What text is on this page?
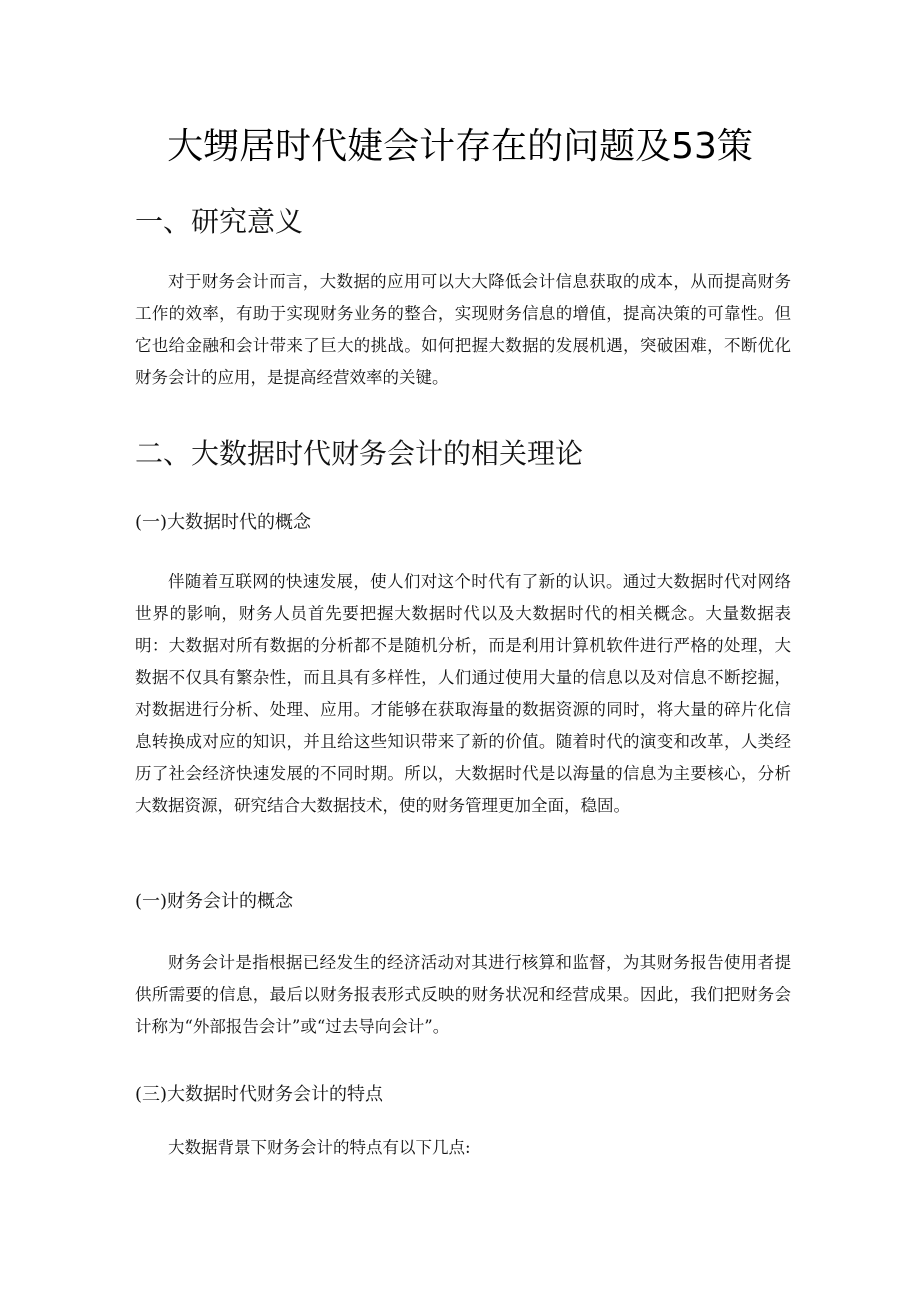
大甥居时代婕会计存在的问题及53策
一、研究意义

对于财务会计而言，大数据的应用可以大大降低会计信息获取的成本，从而提高财务工作的效率，有助于实现财务业务的整合，实现财务信息的增值，提高决策的可靠性。但它也给金融和会计带来了巨大的挑战。如何把握大数据的发展机遇，突破困难，不断优化财务会计的应用，是提高经营效率的关键。

二、大数据时代财务会计的相关理论
(一)大数据时代的概念

伴随着互联网的快速发展，使人们对这个时代有了新的认识。通过大数据时代对网络世界的影响，财务人员首先要把握大数据时代以及大数据时代的相关概念。大量数据表明：大数据对所有数据的分析都不是随机分析，而是利用计算机软件进行严格的处理，大数据不仅具有繁杂性，而且具有多样性，人们通过使用大量的信息以及对信息不断挖掘，对数据进行分析、处理、应用。才能够在获取海量的数据资源的同时，将大量的碎片化信息转换成对应的知识，并且给这些知识带来了新的价值。随着时代的演变和改革，人类经历了社会经济快速发展的不同时期。所以，大数据时代是以海量的信息为主要核心，分析大数据资源，研究结合大数据技术，使的财务管理更加全面，稳固。

(一)财务会计的概念

财务会计是指根据已经发生的经济活动对其进行核算和监督，为其财务报告使用者提供所需要的信息，最后以财务报表形式反映的财务状况和经营成果。因此，我们把财务会计称为“外部报告会计”或“过去导向会计”。

(三)大数据时代财务会计的特点

大数据背景下财务会计的特点有以下几点:
